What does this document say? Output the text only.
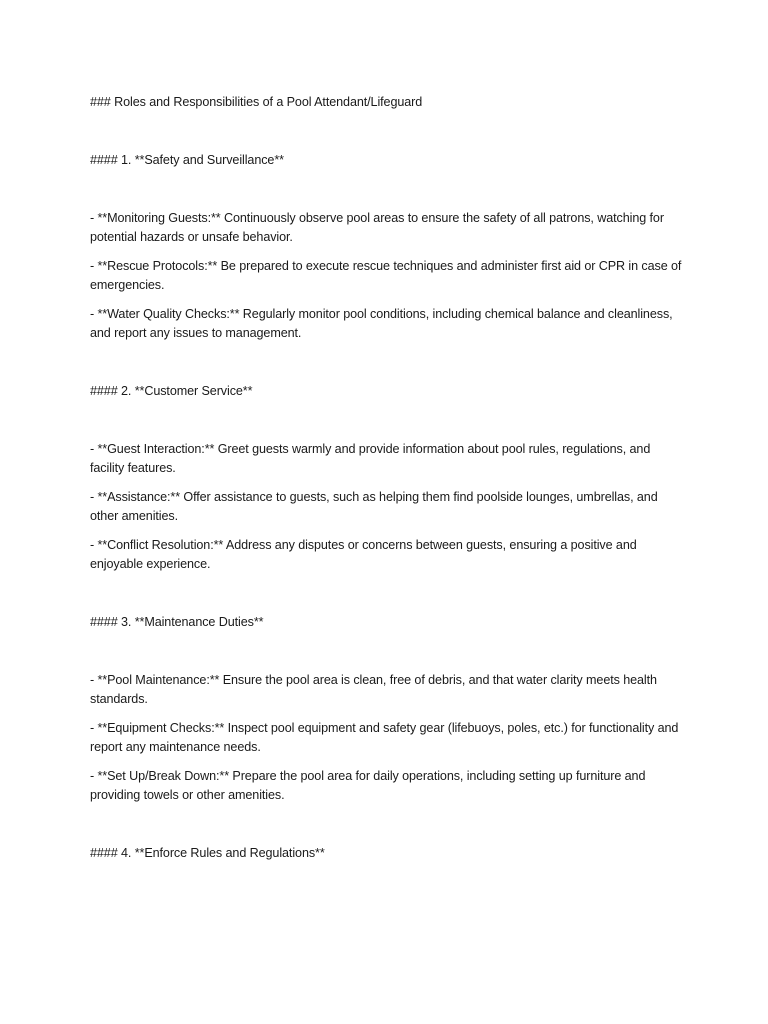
### Roles and Responsibilities of a Pool Attendant/Lifeguard

#### 1. **Safety and Surveillance**

- **Monitoring Guests:** Continuously observe pool areas to ensure the safety of all patrons, watching for potential hazards or unsafe behavior.

- **Rescue Protocols:** Be prepared to execute rescue techniques and administer first aid or CPR in case of emergencies.

- **Water Quality Checks:** Regularly monitor pool conditions, including chemical balance and cleanliness, and report any issues to management.

#### 2. **Customer Service**

- **Guest Interaction:** Greet guests warmly and provide information about pool rules, regulations, and facility features.

- **Assistance:** Offer assistance to guests, such as helping them find poolside lounges, umbrellas, and other amenities.

- **Conflict Resolution:** Address any disputes or concerns between guests, ensuring a positive and enjoyable experience.

#### 3. **Maintenance Duties**

- **Pool Maintenance:** Ensure the pool area is clean, free of debris, and that water clarity meets health standards.

- **Equipment Checks:** Inspect pool equipment and safety gear (lifebuoys, poles, etc.) for functionality and report any maintenance needs.

- **Set Up/Break Down:** Prepare the pool area for daily operations, including setting up furniture and providing towels or other amenities.

#### 4. **Enforce Rules and Regulations**
